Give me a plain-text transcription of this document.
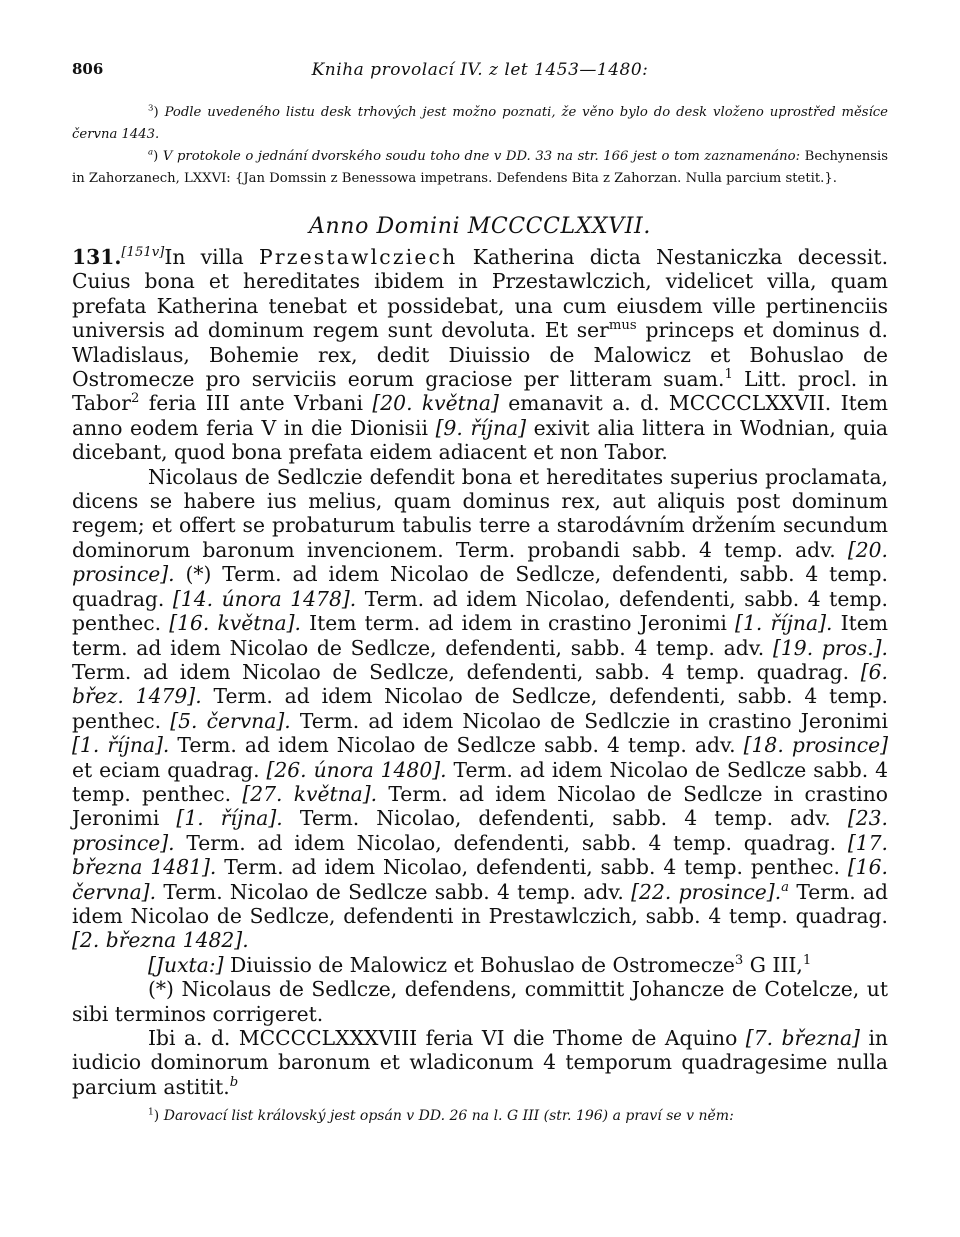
806	Kniha provolací IV. z let 1453—1480:

$^3$) Podle uvedeného listu desk trhových jest možno poznati, že věno bylo do desk vloženo uprostřed měsíce června 1443.

$^a$) V protokole o jednání dvorského soudu toho dne v DD. 33 na str. 166 jest o tom zaznamenáno: Bechynensis in Zahorzanech, LXXVI: {Jan Domssin z Benessowa impetrans. Defendens Bita z Zahorzan. Nulla parcium stetit.}.

Anno Domini MCCCCLXXVII.

131.[151v]In villa Przestawlcziech Katherina dicta Nestaniczka decessit. Cuius bona et hereditates ibidem in Przestawlczich, videlicet villa, quam prefata Katherina tenebat et possidebat, una cum eiusdem ville pertinenciis universis ad dominum regem sunt devoluta. Et ser$^{mus}$ princeps et dominus d. Wladislaus, Bohemie rex, dedit Diuissio de Malowicz et Bohuslao de Ostromecze pro serviciis eorum graciose per litteram suam.$^1$ Litt. procl. in Tabor$^2$ feria III ante Vrbani [20. května] emanavit a. d. MCCCCLXXVII. Item anno eodem feria V in die Dionisii [9. října] exivit alia littera in Wodnian, quia dicebant, quod bona prefata eidem adiacent et non Tabor.

Nicolaus de Sedlczie defendit bona et hereditates superius proclamata, dicens se habere ius melius, quam dominus rex, aut aliquis post dominum regem; et offert se probaturum tabulis terre a starodávním držením secundum dominorum baronum invencionem. Term. probandi sabb. 4 temp. adv. [20. prosince]. (*) Term. ad idem Nicolao de Sedlcze, defendenti, sabb. 4 temp. quadrag. [14. února 1478]. Term. ad idem Nicolao, defendenti, sabb. 4 temp. penthec. [16. května]. Item term. ad idem in crastino Jeronimi [1. října]. Item term. ad idem Nicolao de Sedlcze, defendenti, sabb. 4 temp. adv. [19. pros.]. Term. ad idem Nicolao de Sedlcze, defendenti, sabb. 4 temp. quadrag. [6. břez. 1479]. Term. ad idem Nicolao de Sedlcze, defendenti, sabb. 4 temp. penthec. [5. června]. Term. ad idem Nicolao de Sedlczie in crastino Jeronimi [1. října]. Term. ad idem Nicolao de Sedlcze sabb. 4 temp. adv. [18. prosince] et eciam quadrag. [26. února 1480]. Term. ad idem Nicolao de Sedlcze sabb. 4 temp. penthec. [27. května]. Term. ad idem Nicolao de Sedlcze in crastino Jeronimi [1. října]. Term. Nicolao, defendenti, sabb. 4 temp. adv. [23. prosince]. Term. ad idem Nicolao, defendenti, sabb. 4 temp. quadrag. [17. března 1481]. Term. ad idem Nicolao, defendenti, sabb. 4 temp. penthec. [16. června]. Term. Nicolao de Sedlcze sabb. 4 temp. adv. [22. prosince].$^a$ Term. ad idem Nicolao de Sedlcze, defendenti in Prestawlczich, sabb. 4 temp. quadrag. [2. března 1482].

[Juxta:] Diuissio de Malowicz et Bohuslao de Ostromecze$^3$ G III,$^1$

(*) Nicolaus de Sedlcze, defendens, committit Johancze de Cotelcze, ut sibi terminos corrigeret.

Ibi a. d. MCCCCLXXXVIII feria VI die Thome de Aquino [7. března] in iudicio dominorum baronum et wladiconum 4 temporum quadragesime nulla parcium astitit.$^b$

$^1$) Darovací list královský jest opsán v DD. 26 na l. G III (str. 196) a praví se v něm:
